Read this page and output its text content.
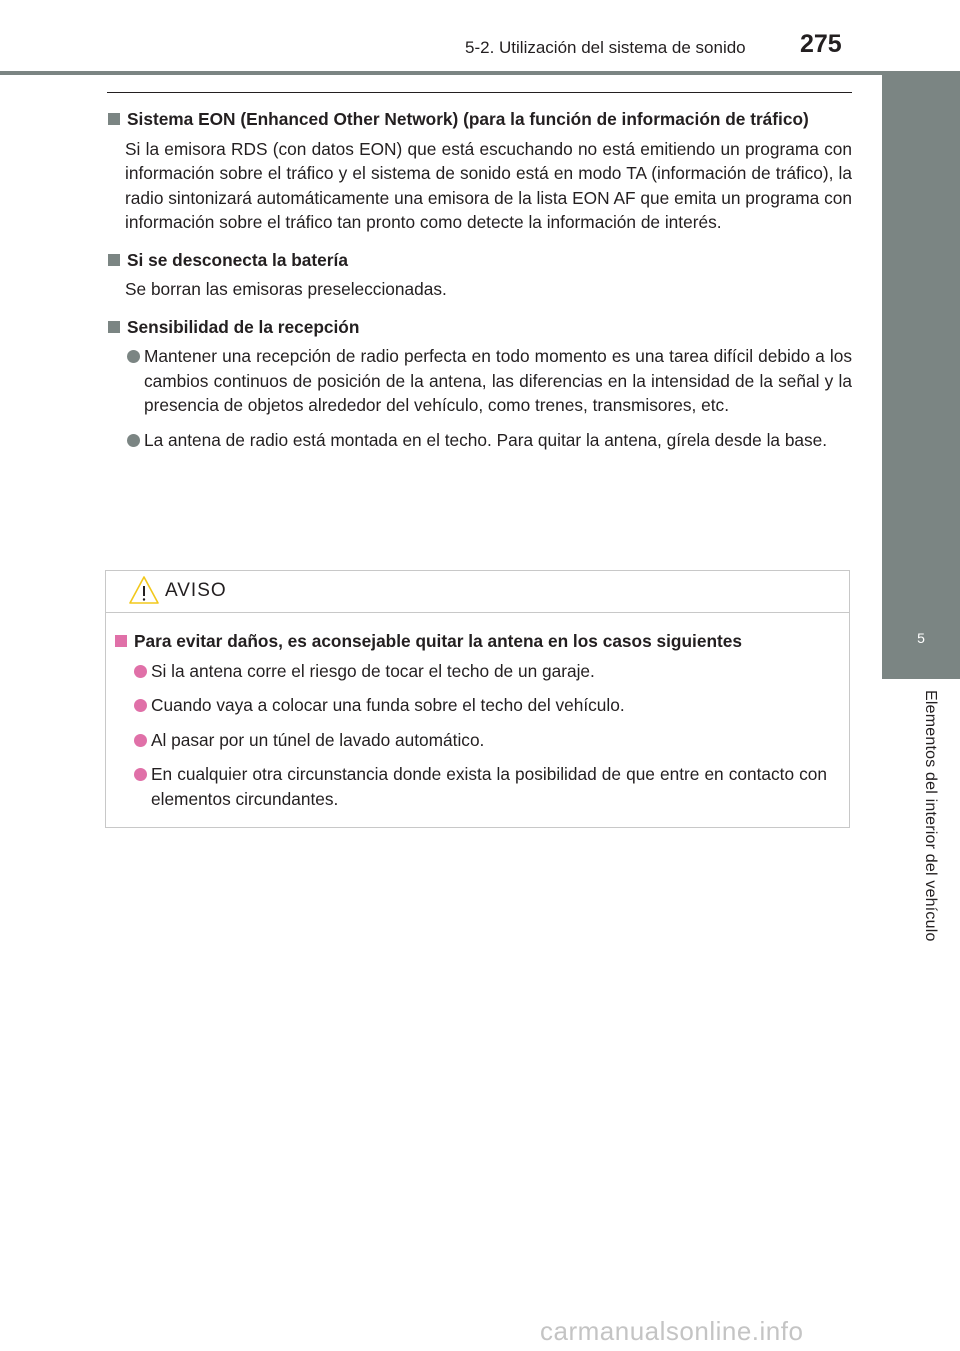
5-2. Utilización del sistema de sonido	275
5
Elementos del interior del vehículo
Sistema EON (Enhanced Other Network) (para la función de información de tráfico)
Si la emisora RDS (con datos EON) que está escuchando no está emitiendo un programa con información sobre el tráfico y el sistema de sonido está en modo TA (información de tráfico), la radio sintonizará automáticamente una emisora de la lista EON AF que emita un programa con información sobre el tráfico tan pronto como detecte la información de interés.
Si se desconecta la batería
Se borran las emisoras preseleccionadas.
Sensibilidad de la recepción
Mantener una recepción de radio perfecta en todo momento es una tarea difícil debido a los cambios continuos de posición de la antena, las diferencias en la intensidad de la señal y la presencia de objetos alrededor del vehículo, como trenes, transmisores, etc.
La antena de radio está montada en el techo. Para quitar la antena, gírela desde la base.
AVISO
Para evitar daños, es aconsejable quitar la antena en los casos siguientes
Si la antena corre el riesgo de tocar el techo de un garaje.
Cuando vaya a colocar una funda sobre el techo del vehículo.
Al pasar por un túnel de lavado automático.
En cualquier otra circunstancia donde exista la posibilidad de que entre en contacto con elementos circundantes.
carmanualsonline.info
